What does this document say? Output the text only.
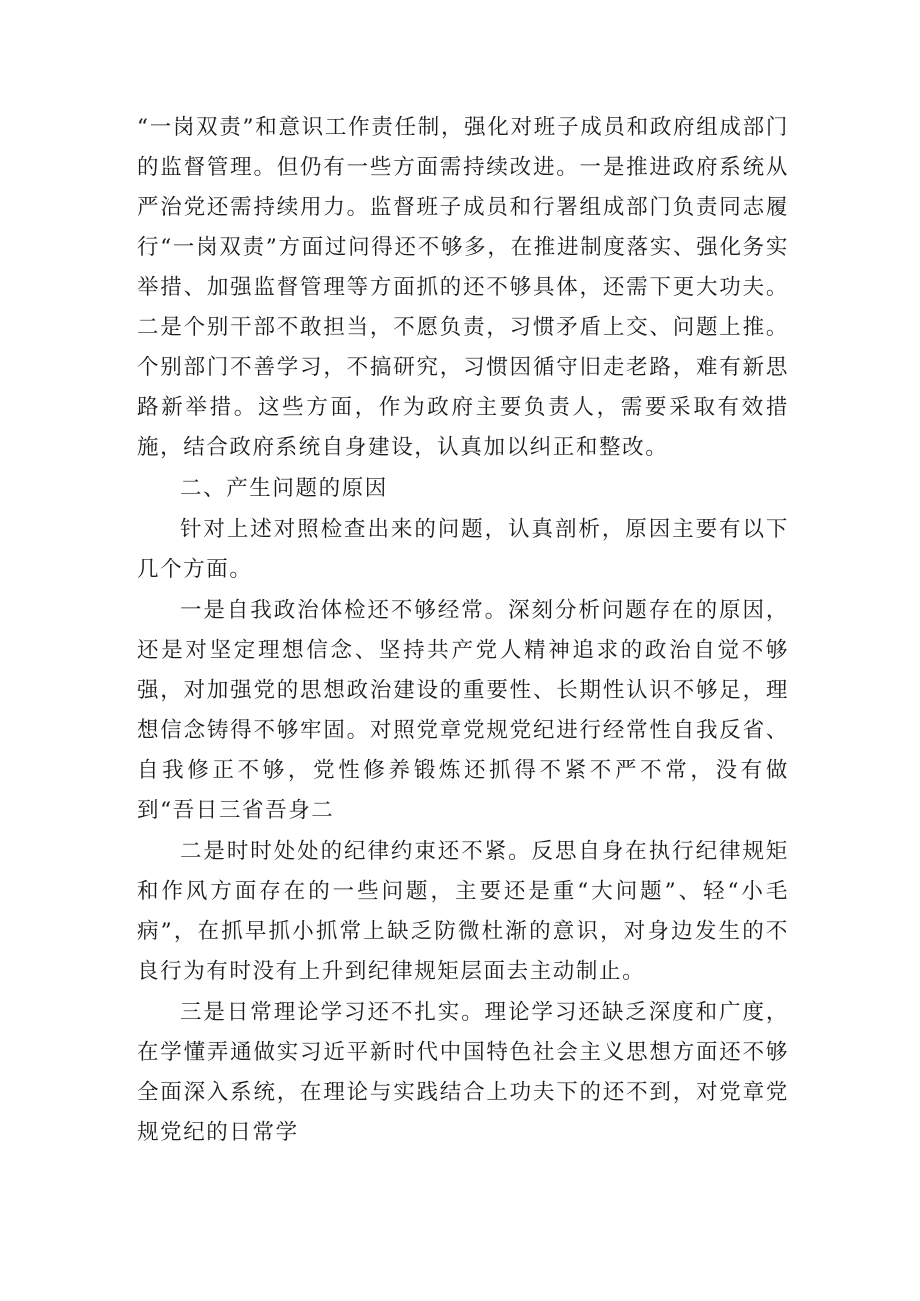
“一岗双责”和意识工作责任制，强化对班子成员和政府组成部门的监督管理。但仍有一些方面需持续改进。一是推进政府系统从严治党还需持续用力。监督班子成员和行署组成部门负责同志履行“一岗双责”方面过问得还不够多，在推进制度落实、强化务实举措、加强监督管理等方面抓的还不够具体，还需下更大功夫。二是个别干部不敢担当，不愿负责，习惯矛盾上交、问题上推。个别部门不善学习，不搞研究，习惯因循守旧走老路，难有新思路新举措。这些方面，作为政府主要负责人，需要采取有效措施，结合政府系统自身建设，认真加以纠正和整改。

二、产生问题的原因

针对上述对照检查出来的问题，认真剖析，原因主要有以下几个方面。

一是自我政治体检还不够经常。深刻分析问题存在的原因，还是对坚定理想信念、坚持共产党人精神追求的政治自觉不够强，对加强党的思想政治建设的重要性、长期性认识不够足，理想信念铸得不够牢固。对照党章党规党纪进行经常性自我反省、自我修正不够，党性修养锻炼还抓得不紧不严不常，没有做到“吾日三省吾身二

二是时时处处的纪律约束还不紧。反思自身在执行纪律规矩和作风方面存在的一些问题，主要还是重“大问题”、轻“小毛病”，在抓早抓小抓常上缺乏防微杜渐的意识，对身边发生的不良行为有时没有上升到纪律规矩层面去主动制止。

三是日常理论学习还不扎实。理论学习还缺乏深度和广度，在学懂弄通做实习近平新时代中国特色社会主义思想方面还不够全面深入系统，在理论与实践结合上功夫下的还不到，对党章党规党纪的日常学
